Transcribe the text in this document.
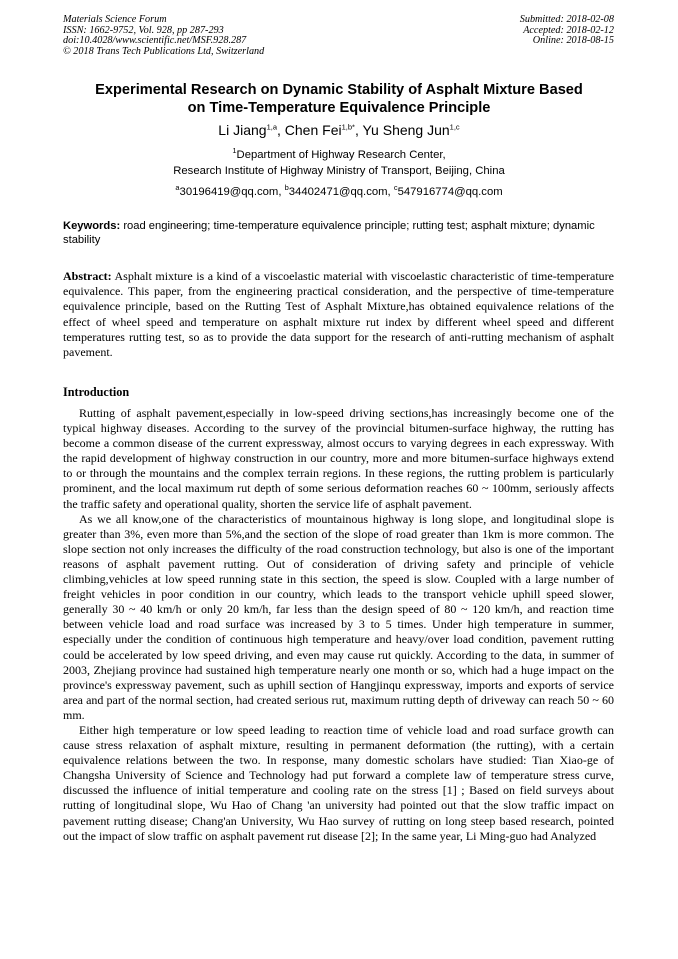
Materials Science Forum
ISSN: 1662-9752, Vol. 928, pp 287-293
doi:10.4028/www.scientific.net/MSF.928.287
© 2018 Trans Tech Publications Ltd, Switzerland
Submitted: 2018-02-08
Accepted: 2018-02-12
Online: 2018-08-15
Experimental Research on Dynamic Stability of Asphalt Mixture Based
on Time-Temperature Equivalence Principle
Li Jiang$^{1,a}$, Chen Fei$^{1,b*}$, Yu Sheng Jun$^{1,c}$
$^1$Department of Highway Research Center,
Research Institute of Highway Ministry of Transport, Beijing, China
$^a$30196419@qq.com, $^b$34402471@qq.com, $^c$547916774@qq.com
Keywords: road engineering; time-temperature equivalence principle; rutting test; asphalt mixture; dynamic stability
Abstract: Asphalt mixture is a kind of a viscoelastic material with viscoelastic characteristic of time-temperature equivalence. This paper, from the engineering practical consideration, and the perspective of time-temperature equivalence principle, based on the Rutting Test of Asphalt Mixture,has obtained equivalence relations of the effect of wheel speed and temperature on asphalt mixture rut index by different wheel speed and different temperatures rutting test, so as to provide the data support for the research of anti-rutting mechanism of asphalt pavement.
Introduction

Rutting of asphalt pavement,especially in low-speed driving sections,has increasingly become one of the typical highway diseases. According to the survey of the provincial bitumen-surface highway, the rutting has become a common disease of the current expressway, almost occurs to varying degrees in each expressway. With the rapid development of highway construction in our country, more and more bitumen-surface highways extend to or through the mountains and the complex terrain regions. In these regions, the rutting problem is particularly prominent, and the local maximum rut depth of some serious deformation reaches 60 ~ 100mm, seriously affects the traffic safety and operational quality, shorten the service life of asphalt pavement.

As we all know,one of the characteristics of mountainous highway is long slope, and longitudinal slope is greater than 3%, even more than 5%,and the section of the slope of road greater than 1km is more common. The slope section not only increases the difficulty of the road construction technology, but also is one of the important reasons of asphalt pavement rutting. Out of consideration of driving safety and principle of vehicle climbing,vehicles at low speed running state in this section, the speed is slow. Coupled with a large number of freight vehicles in poor condition in our country, which leads to the transport vehicle uphill speed slower, generally 30 ~ 40 km/h or only 20 km/h, far less than the design speed of 80 ~ 120 km/h, and reaction time between vehicle load and road surface was increased by 3 to 5 times. Under high temperature in summer, especially under the condition of continuous high temperature and heavy/over load condition, pavement rutting could be accelerated by low speed driving, and even may cause rut quickly. According to the data, in summer of 2003, Zhejiang province had sustained high temperature nearly one month or so, which had a huge impact on the province's expressway pavement, such as uphill section of Hangjinqu expressway, imports and exports of service area and part of the normal section, had created serious rut, maximum rutting depth of driveway can reach 50 ~ 60 mm.

Either high temperature or low speed leading to reaction time of vehicle load and road surface growth can cause stress relaxation of asphalt mixture, resulting in permanent deformation (the rutting), with a certain equivalence relations between the two. In response, many domestic scholars have studied: Tian Xiao-ge of Changsha University of Science and Technology had put forward a complete law of temperature stress curve, discussed the influence of initial temperature and cooling rate on the stress [1] ; Based on field surveys about rutting of longitudinal slope, Wu Hao of Chang 'an university had pointed out that the slow traffic impact on pavement rutting disease; Chang'an University, Wu Hao survey of rutting on long steep based research, pointed out the impact of slow traffic on asphalt pavement rut disease [2]; In the same year, Li Ming-guo had Analyzed
